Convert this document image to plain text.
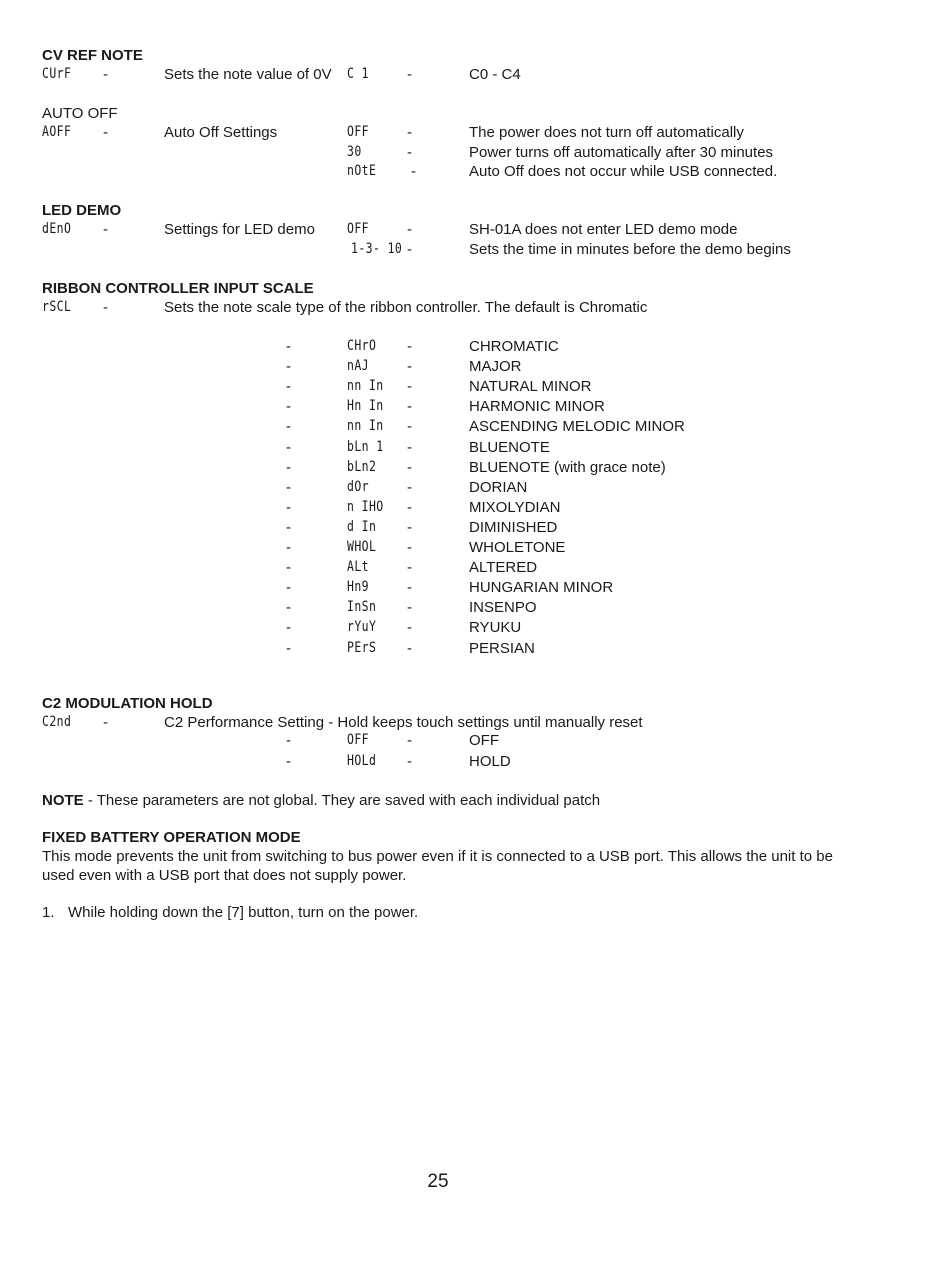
CV REF NOTE
CUrF -	Sets the note value of 0V C 1	-	C0 - C4
AUTO OFF
AOFF -	Auto Off Settings	OFF	-	The power does not turn off automatically
30	-	Power turns off automatically after 30 minutes
nOtE -	Auto Off does not occur while USB connected.
LED DEMO
dEnO -	Settings for LED demo OFF	-	SH-01A does not enter LED demo mode
1-3- 10 -	Sets the time in minutes before the demo begins
RIBBON CONTROLLER INPUT SCALE
rSCL -	Sets the note scale type of the ribbon controller. The default is Chromatic
-	CHrO -	CHROMATIC
-	nAJ	-	MAJOR
-	nn In -	NATURAL MINOR
-	Hn In -	HARMONIC MINOR
-	nn In -	ASCENDING MELODIC MINOR
-	bLn 1 -	BLUENOTE
-	bLn2 -	BLUENOTE (with grace note)
-	dOr	-	DORIAN
-	n IHO -	MIXOLYDIAN
-	d In -	DIMINISHED
-	WHOL -	WHOLETONE
-	ALt	-	ALTERED
-	Hn9	-	HUNGARIAN MINOR
-	InSn -	INSENPO
-	rYuY -	RYUKU
-	PErS -	PERSIAN
C2 MODULATION HOLD
C2nd -	C2 Performance Setting - Hold keeps touch settings until manually reset
-	OFF	-	OFF
-	HOLd -	HOLD
NOTE - These parameters are not global. They are saved with each individual patch
FIXED BATTERY OPERATION MODE
This mode prevents the unit from switching to bus power even if it is connected to a USB port. This allows the unit to be used even with a USB port that does not supply power.
1. While holding down the [7] button, turn on the power.
25
